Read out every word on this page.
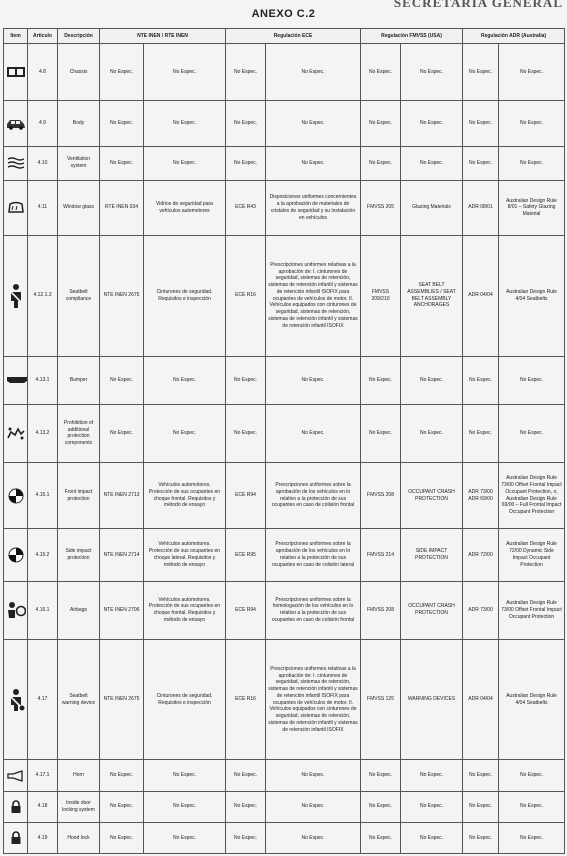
ANEXO C.2
SECRETARIA GENERAL
Item	Artículo	Descripción	NTE INEN / RTE INEN		Regulación ECE		Regulación FMVSS (USA)		Regulación ADR (Australia)	

	4.8	Chassis	No Espec.	No Espec.	No Espec.	No Espec.	No Espec.	No Espec.	No Espec.	No Espec.

	4.9	Body	No Espec.	No Espec.	No Espec.	No Espec.	No Espec.	No Espec.	No Espec.	No Espec.

	4.10	Ventilation system	No Espec.	No Espec.	No Espec.	No Espec.	No Espec.	No Espec.	No Espec.	No Espec.

	4.11	Window glass	RTE INEN 034	Vidrios de seguridad para vehículos automotores	ECE R43	Disposiciones uniformes concernientes a la aprobación de materiales de cristales de seguridad y su instalación en vehículos	FMVSS 205	Glazing Materials	ADR 08/01	Australian Design Rule 8/01 – Safety Glazing Material

	4.12.1.3	Seatbelt compliance	NTE INEN 2675	Cinturones de seguridad. Requisitos e inspección	ECE R16	Prescripciones uniformes relativas a la aprobación de: I. cinturones de seguridad, sistemas de retención, sistemas de retención infantil y sistemas de retención infantil ISOFIX para ocupantes de vehículos de motor. II. Vehículos equipados con cinturones de seguridad, sistemas de retención, sistemas de retención infantil y sistemas de retención infantil ISOFIX	FMVSS 209/210	SEAT BELT ASSEMBLIES / SEAT BELT ASSEMBLY ANCHORAGES	ADR 04/04	Australian Design Rule 4/04 Seatbelts

	4.13.1	Bumper	No Espec.	No Espec.	No Espec.	No Espec.	No Espec.	No Espec.	No Espec.	No Espec.

	4.13.2	Prohibition of additional protection components	No Espec.	No Espec.	No Espec.	No Espec.	No Espec.	No Espec.	No Espec.	No Espec.

	4.15.1	Front impact protection	NTE INEN 2713	Vehículos automotores. Protección de sus ocupantes en choque frontal. Requisitos y método de ensayo	ECE R94	Prescripciones uniformes sobre la aprobación de los vehículos en lo relativo a la protección de sus ocupantes en caso de colisión frontal	FMVSS 208	OCCUPANT CRASH PROTECTION	ADR 73/00 ADR 69/00	Australian Design Rule 73/00 Offset Frontal Impact Occupant Protection, o, Australian Design Rule 69/00 – Full Frontal Impact Occupant Protection

	4.15.2	Side impact protection	NTE INEN 2714	Vehículos automotores. Protección de sus ocupantes en choque lateral. Requisitos y método de ensayo	ECE R95	Prescripciones uniformes sobre la aprobación de los vehículos en lo relativo a la protección de sus ocupantes en caso de colisión lateral	FMVSS 214	SIDE IMPACT PROTECTION	ADR 72/00	Australian Design Rule 72/00 Dynamic Side Impact Occupant Protection

	4.16.1	Airbags	NTE INEN 2706	Vehículos automotores. Protección de sus ocupantes en choque frontal. Requisitos y método de ensayo	ECE R94	Prescripciones uniformes sobre la homologación de los vehículos en lo relativo a la protección de sus ocupantes en caso de colisión frontal	FMVSS 208	OCCUPANT CRASH PROTECTION	ADR 73/00	Australian Design Rule 73/00 Offset Frontal Impact Occupant Protection

	4.17	Seatbelt warning device	NTE INEN 2675	Cinturones de seguridad. Requisitos e inspección	ECE R16	Prescripciones uniformes relativas a la aprobación de: I. cinturones de seguridad, sistemas de retención, sistemas de retención infantil y sistemas de retención infantil ISOFIX para ocupantes de vehículos de motor. II. Vehículos equipados con cinturones de seguridad, sistemas de retención, sistemas de retención infantil y sistemas de retención infantil ISOFIX	FMVSS 125	WARNING DEVICES	ADR 04/04	Australian Design Rule 4/04 Seatbelts

	4.17.1	Horn	No Espec.	No Espec.	No Espec.	No Espec.	No Espec.	No Espec.	No Espec.	No Espec.

	4.18	Inside door locking system	No Espec.	No Espec.	No Espec.	No Espec.	No Espec.	No Espec.	No Espec.	No Espec.

	4.19	Hood lock	No Espec.	No Espec.	No Espec.	No Espec.	No Espec.	No Espec.	No Espec.	No Espec.
